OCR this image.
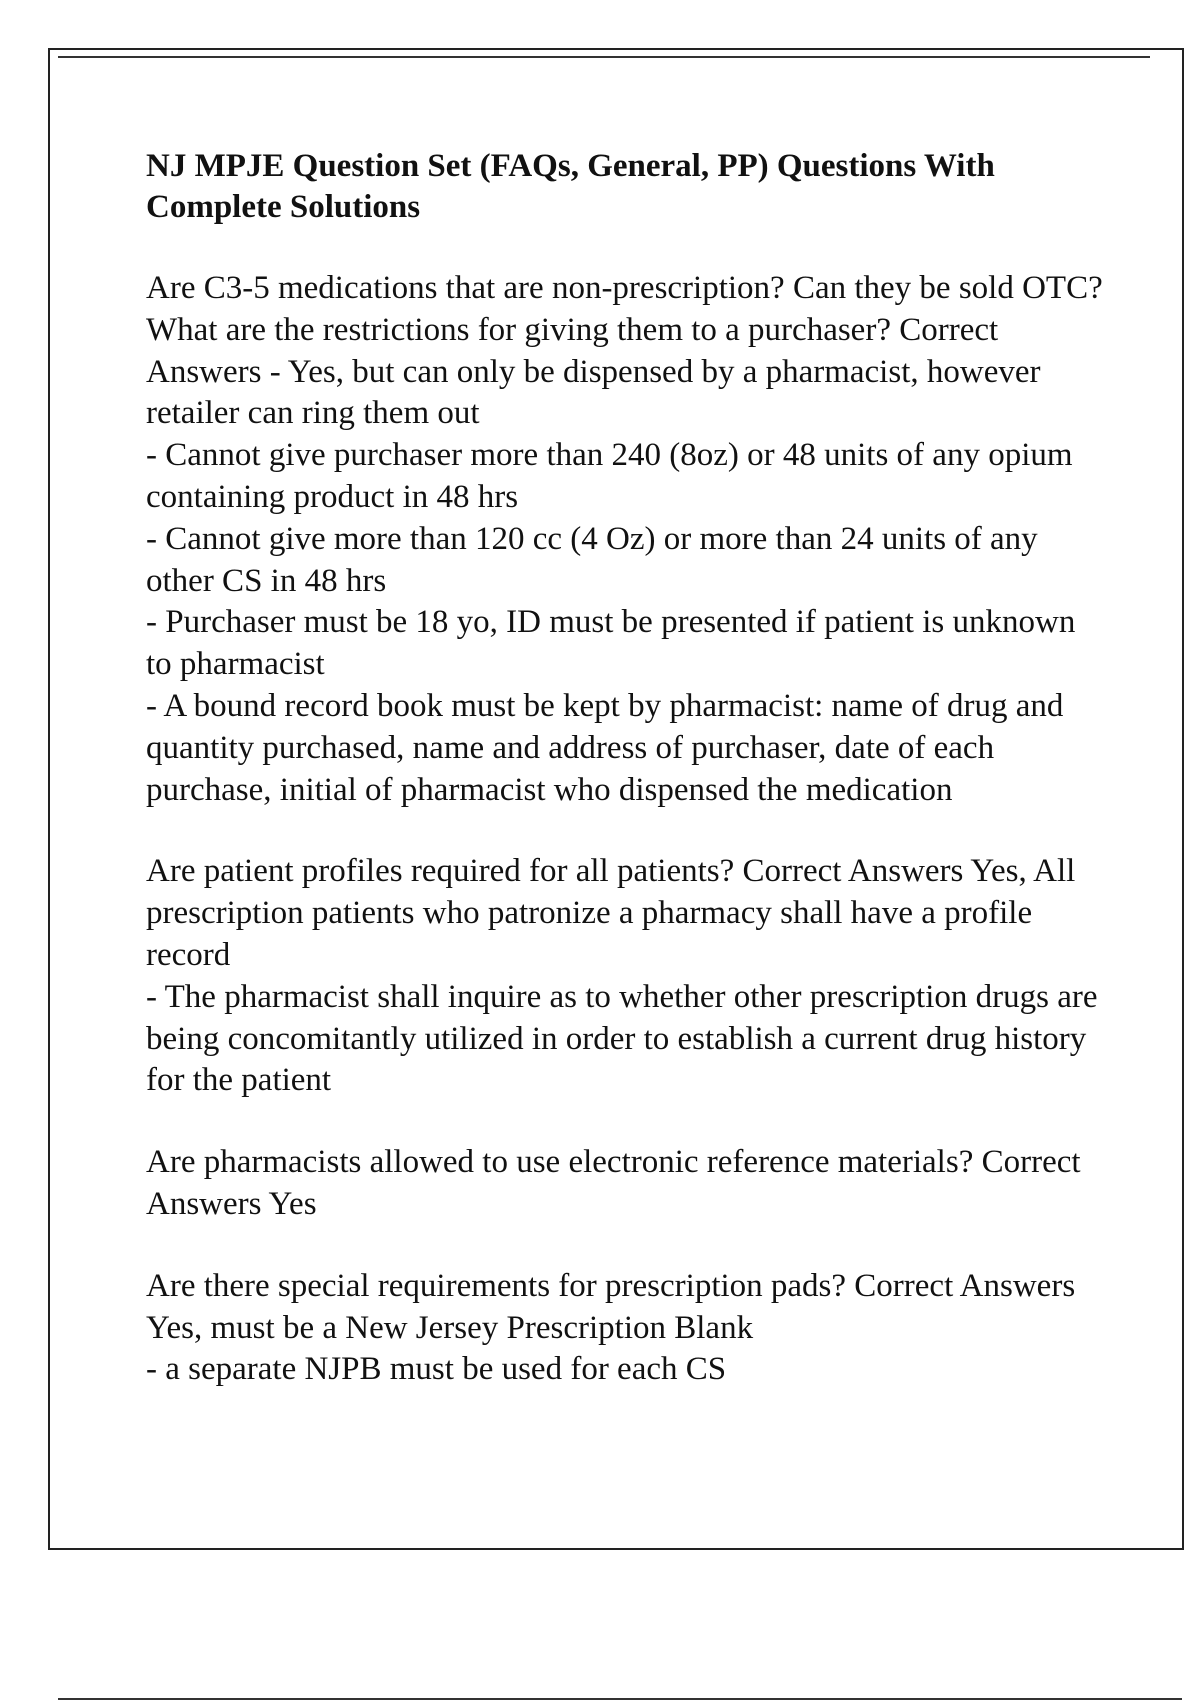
NJ MPJE Question Set (FAQs, General, PP) Questions With Complete Solutions
Are C3-5 medications that are non-prescription? Can they be sold OTC? What are the restrictions for giving them to a purchaser? Correct Answers - Yes, but can only be dispensed by a pharmacist, however retailer can ring them out
- Cannot give purchaser more than 240 (8oz) or 48 units of any opium containing product in 48 hrs
- Cannot give more than 120 cc (4 Oz) or more than 24 units of any other CS in 48 hrs
- Purchaser must be 18 yo, ID must be presented if patient is unknown to pharmacist
- A bound record book must be kept by pharmacist: name of drug and quantity purchased, name and address of purchaser, date of each purchase, initial of pharmacist who dispensed the medication
Are patient profiles required for all patients? Correct Answers Yes, All prescription patients who patronize a pharmacy shall have a profile record
- The pharmacist shall inquire as to whether other prescription drugs are being concomitantly utilized in order to establish a current drug history for the patient
Are pharmacists allowed to use electronic reference materials? Correct Answers Yes
Are there special requirements for prescription pads? Correct Answers Yes, must be a New Jersey Prescription Blank
- a separate NJPB must be used for each CS
